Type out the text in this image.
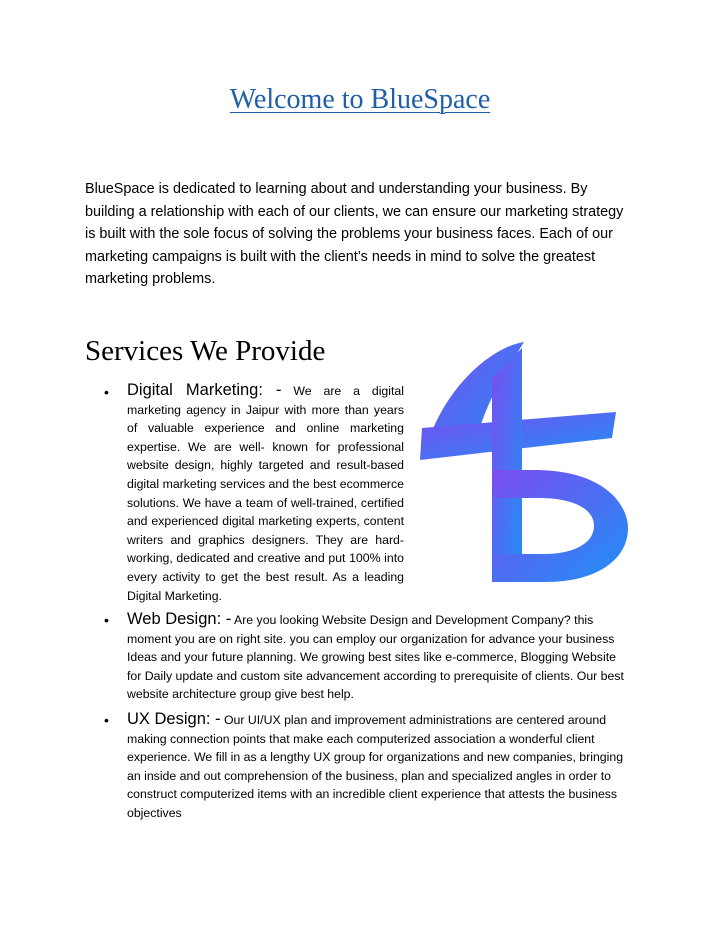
Welcome to BlueSpace

BlueSpace is dedicated to learning about and understanding your business. By building a relationship with each of our clients, we can ensure our marketing strategy is built with the sole focus of solving the problems your business faces. Each of our marketing campaigns is built with the client’s needs in mind to solve the greatest marketing problems.

Services We Provide
• Digital Marketing: - We are a digital marketing agency in Jaipur with more than years of valuable experience and online marketing expertise. We are well- known for professional website design, highly targeted and result-based digital marketing services and the best ecommerce solutions. We have a team of well-trained, certified and experienced digital marketing experts, content writers and graphics designers. They are hard-working, dedicated and creative and put 100% into every activity to get the best result. As a leading Digital Marketing.

• Web Design: - Are you looking Website Design and Development Company? this moment you are on right site. you can employ our organization for advance your business Ideas and your future planning. We growing best sites like e-commerce, Blogging Website for Daily update and custom site advancement according to prerequisite of clients. Our best website architecture group give best help.

• UX Design: - Our UI/UX plan and improvement administrations are centered around making connection points that make each computerized association a wonderful client experience. We fill in as a lengthy UX group for organizations and new companies, bringing an inside and out comprehension of the business, plan and specialized angles in order to construct computerized items with an incredible client experience that attests the business objectives
